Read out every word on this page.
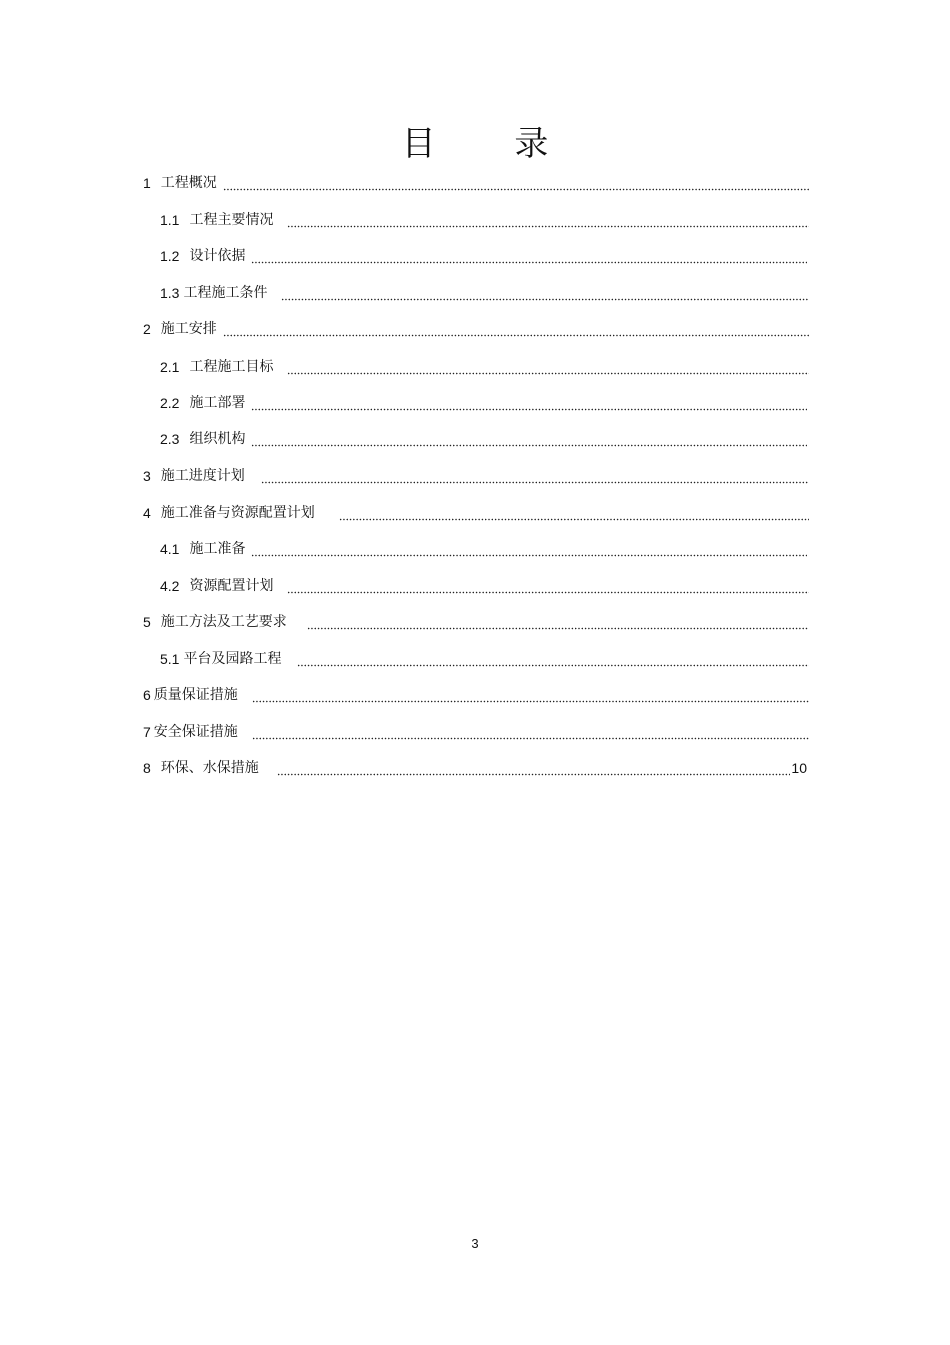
目 录
1 工程概况
1.1 工程主要情况
1.2 设计依据
1.3 工程施工条件
2 施工安排
2.1 工程施工目标
2.2 施工部署
2.3 组织机构
3 施工进度计划
4 施工准备与资源配置计划
4.1 施工准备
4.2 资源配置计划
5 施工方法及工艺要求
5.1 平台及园路工程
6 质量保证措施
7 安全保证措施
8 环保、水保措施	10
3
